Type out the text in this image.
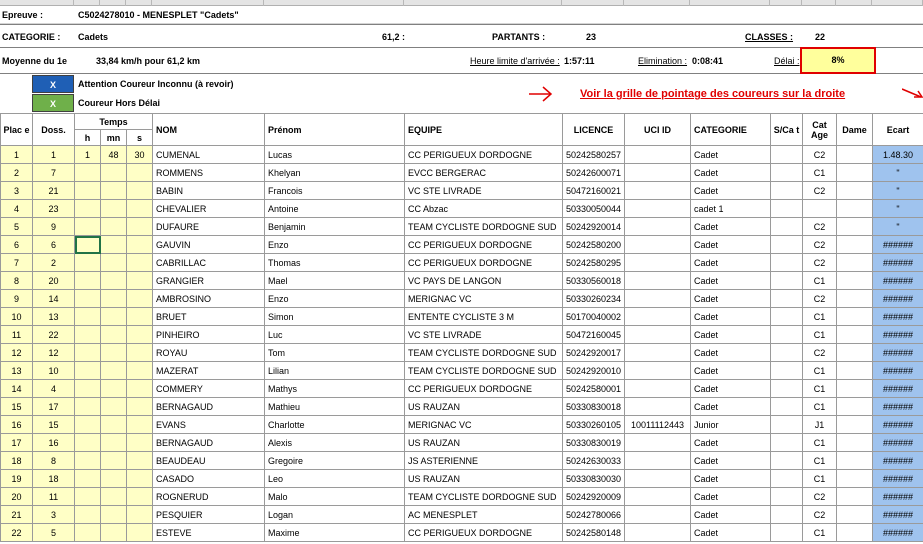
Epreuve :	C5024278010 - MENESPLET "Cadets"
CATEGORIE : Cadets	61,2 :	PARTANTS :	23	CLASSES : 22
Moyenne du 1e	33,84 km/h pour 61,2 km	Heure limite d'arrivée : 1:57:11	Elimination : 0:08:41	Délai :	8%
X	Attention Coureur Inconnu (à revoir)
X	Coureur Hors Délai
Voir la grille de pointage des coureurs sur la droite
Plac e	Doss.	Temps			NOM	Prénom	EQUIPE	LICENCE	UCI ID	CATEGORIE	S/Ca t	Cat Age	Dame	Ecart
		h	mn	s										
1	1	1	48	30	CUMENAL	Lucas	CC PERIGUEUX DORDOGNE	50242580257		Cadet		C2		1.48.30
2	7				ROMMENS	Khelyan	EVCC BERGERAC	50242600071		Cadet		C1		"
3	21				BABIN	Francois	VC STE LIVRADE	50472160021		Cadet		C2		"
4	23				CHEVALIER	Antoine	CC Abzac	50330050044		cadet 1				"
5	9				DUFAURE	Benjamin	TEAM CYCLISTE DORDOGNE SUD	50242920014		Cadet		C2		"
6	6				GAUVIN	Enzo	CC PERIGUEUX DORDOGNE	50242580200		Cadet		C2		######
7	2				CABRILLAC	Thomas	CC PERIGUEUX DORDOGNE	50242580295		Cadet		C2		######
8	20				GRANGIER	Mael	VC PAYS DE LANGON	50330560018		Cadet		C1		######
9	14				AMBROSINO	Enzo	MERIGNAC VC	50330260234		Cadet		C2		######
10	13				BRUET	Simon	ENTENTE CYCLISTE 3 M	50170040002		Cadet		C1		######
11	22				PINHEIRO	Luc	VC STE LIVRADE	50472160045		Cadet		C1		######
12	12				ROYAU	Tom	TEAM CYCLISTE DORDOGNE SUD	50242920017		Cadet		C2		######
13	10				MAZERAT	Lilian	TEAM CYCLISTE DORDOGNE SUD	50242920010		Cadet		C1		######
14	4				COMMERY	Mathys	CC PERIGUEUX DORDOGNE	50242580001		Cadet		C1		######
15	17				BERNAGAUD	Mathieu	US RAUZAN	50330830018		Cadet		C1		######
16	15				EVANS	Charlotte	MERIGNAC VC	50330260105	10011112443	Junior		J1		######
17	16				BERNAGAUD	Alexis	US RAUZAN	50330830019		Cadet		C1		######
18	8				BEAUDEAU	Gregoire	JS ASTERIENNE	50242630033		Cadet		C1		######
19	18				CASADO	Leo	US RAUZAN	50330830030		Cadet		C1		######
20	11				ROGNERUD	Malo	TEAM CYCLISTE DORDOGNE SUD	50242920009		Cadet		C2		######
21	3				PESQUIER	Logan	AC MENESPLET	50242780066		Cadet		C2		######
22	5				ESTEVE	Maxime	CC PERIGUEUX DORDOGNE	50242580148		Cadet		C1		######
